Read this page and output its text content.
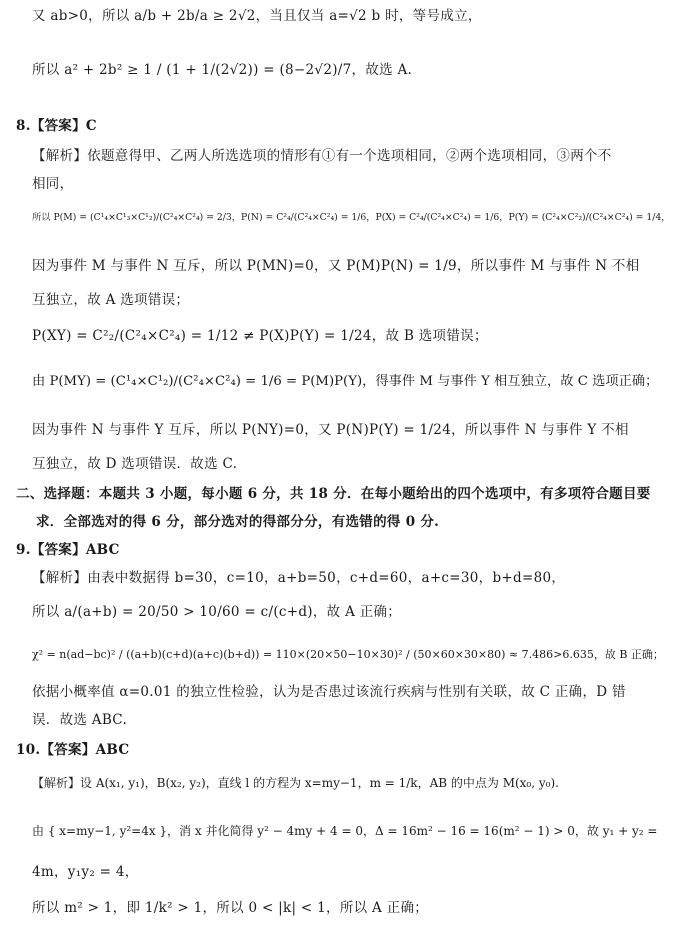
又 ab>0，所以 a/b + 2b/a ≥ 2√2，当且仅当 a=√2 b 时，等号成立，
所以 a² + 2b² ≥ 1 / (1 + 1/(2√2)) = (8−2√2)/7，故选 A.
8.【答案】C
【解析】依题意得甲、乙两人所选选项的情形有①有一个选项相同，②两个选项相同，③两个不
相同，
所以 P(M) = (C¹₄×C¹₃×C¹₂)/(C²₄×C²₄) = 2/3，P(N) = C²₄/(C²₄×C²₄) = 1/6，P(X) = C²₄/(C²₄×C²₄) = 1/6，P(Y) = (C²₄×C²₂)/(C²₄×C²₄) = 1/4，
因为事件 M 与事件 N 互斥，所以 P(MN)=0，又 P(M)P(N) = 1/9，所以事件 M 与事件 N 不相
互独立，故 A 选项错误；
P(XY) = C²₂/(C²₄×C²₄) = 1/12 ≠ P(X)P(Y) = 1/24，故 B 选项错误；
由 P(MY) = (C¹₄×C¹₂)/(C²₄×C²₄) = 1/6 = P(M)P(Y)，得事件 M 与事件 Y 相互独立，故 C 选项正确；
因为事件 N 与事件 Y 互斥，所以 P(NY)=0，又 P(N)P(Y) = 1/24，所以事件 N 与事件 Y 不相
互独立，故 D 选项错误．故选 C.
二、选择题：本题共 3 小题，每小题 6 分，共 18 分．在每小题给出的四个选项中，有多项符合题目要
求．全部选对的得 6 分，部分选对的得部分分，有选错的得 0 分.
9.【答案】ABC
【解析】由表中数据得 b=30，c=10，a+b=50，c+d=60，a+c=30，b+d=80，
所以 a/(a+b) = 20/50 > 10/60 = c/(c+d)，故 A 正确；
χ² = n(ad−bc)² / ((a+b)(c+d)(a+c)(b+d)) = 110×(20×50−10×30)² / (50×60×30×80) ≈ 7.486>6.635，故 B 正确；
依据小概率值 α=0.01 的独立性检验，认为是否患过该流行疾病与性别有关联，故 C 正确，D 错
误．故选 ABC.
10.【答案】ABC
【解析】设 A(x₁, y₁)，B(x₂, y₂)，直线 l 的方程为 x=my−1，m = 1/k，AB 的中点为 M(x₀, y₀).
由 { x=my−1, y²=4x }，消 x 并化简得 y² − 4my + 4 = 0，Δ = 16m² − 16 = 16(m² − 1) > 0，故 y₁ + y₂ =
4m，y₁y₂ = 4，
所以 m² > 1，即 1/k² > 1，所以 0 < |k| < 1，所以 A 正确；
